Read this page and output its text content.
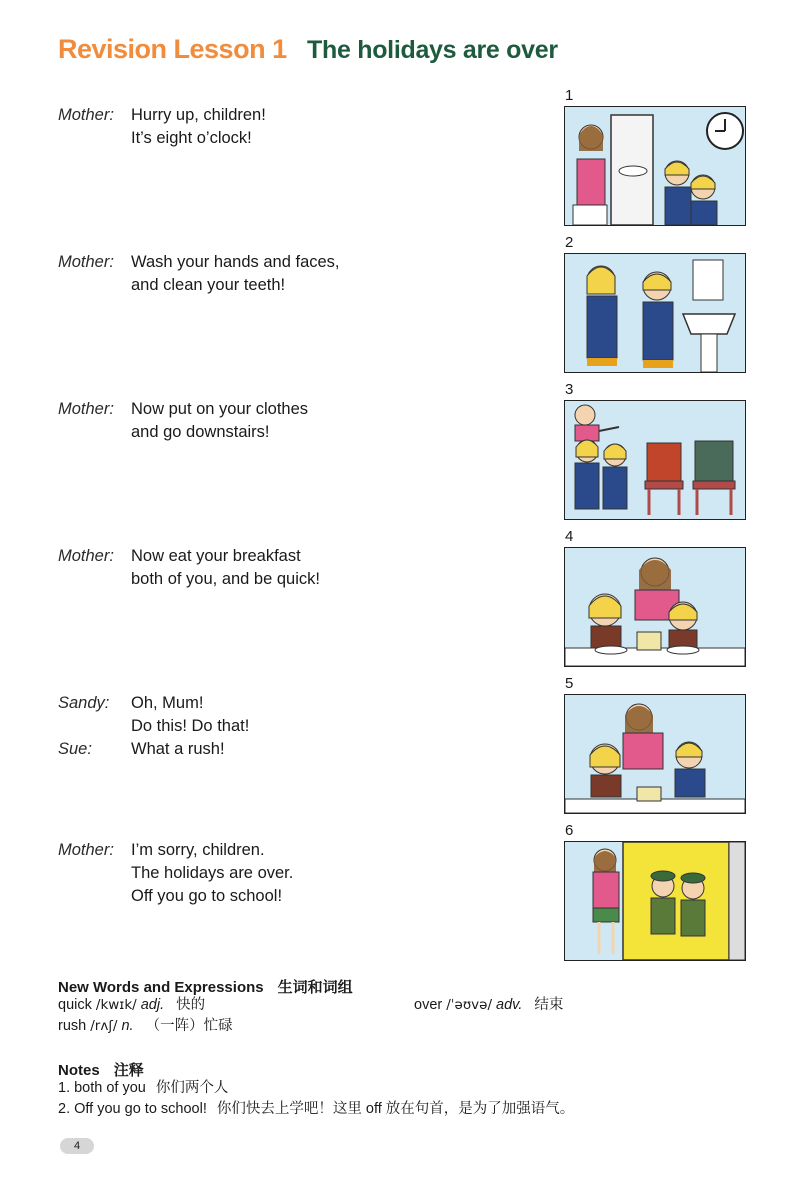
Revision Lesson 1 The holidays are over
Mother:	Hurry up, children!
It’s eight o’clock!
Mother:	Wash your hands and faces,
and clean your teeth!
Mother:	Now put on your clothes
and go downstairs!
Mother:	Now eat your breakfast
both of you, and be quick!
Sandy:	Oh, Mum!
Do this! Do that!
Sue:	What a rush!
Mother:	I’m sorry, children.
The holidays are over.
Off you go to school!
1
2
3
4
5
6
New Words and Expressions 生词和词组
quick /kwɪk/ adj. 快的
rush /rʌʃ/ n. （一阵）忙碌
over /ˈəʊvə/ adv. 结束
Notes 注释
1. both of you 你们两个人
2. Off you go to school! 你们快去上学吧！这里 off 放在句首，是为了加强语气。
4
